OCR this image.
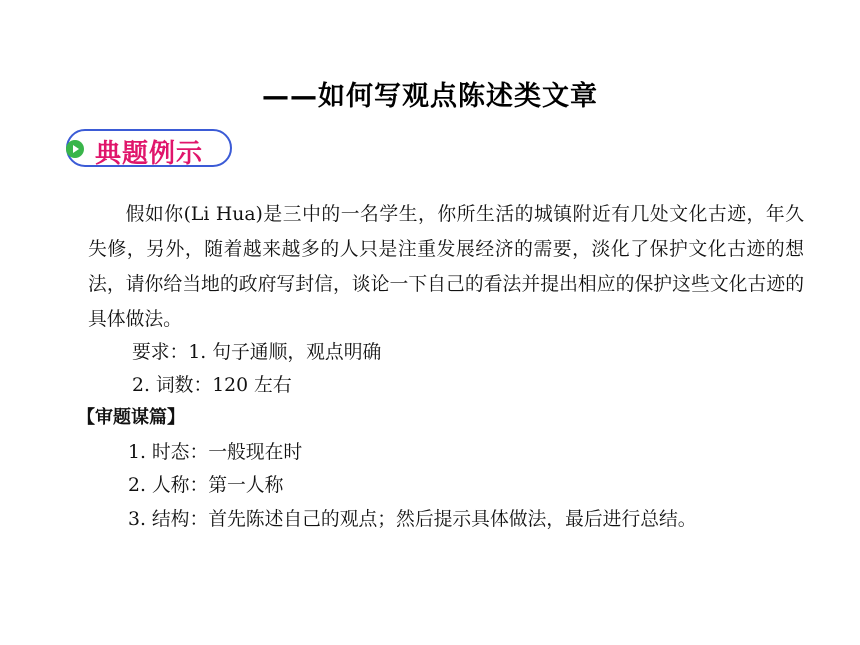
——如何写观点陈述类文章
典题例示
假如你(Li Hua)是三中的一名学生，你所生活的城镇附近有几处文化古迹，年久失修，另外，随着越来越多的人只是注重发展经济的需要，淡化了保护文化古迹的想法，请你给当地的政府写封信，谈论一下自己的看法并提出相应的保护这些文化古迹的具体做法。
要求：1. 句子通顺，观点明确
2. 词数：120 左右
【审题谋篇】
1. 时态：一般现在时
2. 人称：第一人称
3. 结构：首先陈述自己的观点；然后提示具体做法，最后进行总结。
